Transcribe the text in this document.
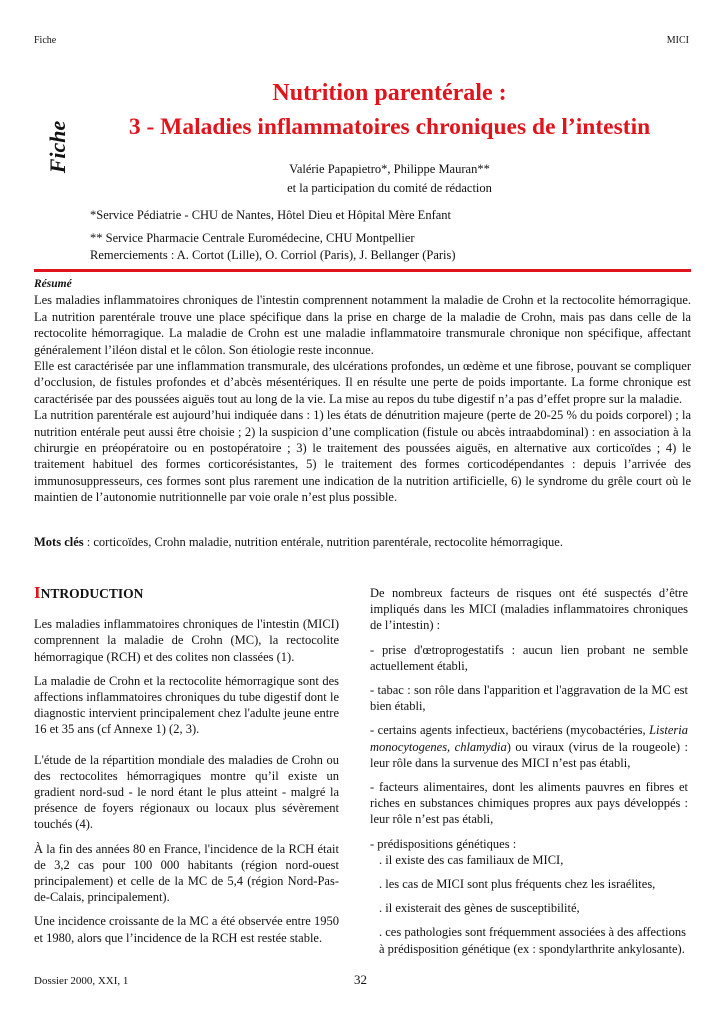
Fiche	MICI
Fiche
Nutrition parentérale :
3 - Maladies inflammatoires chroniques de l’intestin
Valérie Papapietro*, Philippe Mauran**
et la participation du comité de rédaction
*Service Pédiatrie - CHU de Nantes, Hôtel Dieu et Hôpital Mère Enfant
** Service Pharmacie Centrale Euromédecine, CHU Montpellier
Remerciements : A. Cortot (Lille), O. Corriol (Paris), J. Bellanger (Paris)
Résumé

Les maladies inflammatoires chroniques de l'intestin comprennent notamment la maladie de Crohn et la rectocolite hémorragique. La nutrition parentérale trouve une place spécifique dans la prise en charge de la maladie de Crohn, mais pas dans celle de la rectocolite hémorragique. La maladie de Crohn est une maladie inflammatoire transmurale chronique non spécifique, affectant généralement l’iléon distal et le côlon. Son étiologie reste inconnue.

Elle est caractérisée par une inflammation transmurale, des ulcérations profondes, un œdème et une fibrose, pouvant se compliquer d’occlusion, de fistules profondes et d’abcès mésentériques. Il en résulte une perte de poids importante. La forme chronique est caractérisée par des poussées aiguës tout au long de la vie. La mise au repos du tube digestif n’a pas d’effet propre sur la maladie.

La nutrition parentérale est aujourd’hui indiquée dans : 1) les états de dénutrition majeure (perte de 20-25 % du poids corporel) ; la nutrition entérale peut aussi être choisie ; 2) la suspicion d’une complication (fistule ou abcès intraabdominal) : en association à la chirurgie en préopératoire ou en postopératoire ; 3) le traitement des poussées aiguës, en alternative aux corticoïdes ; 4) le traitement habituel des formes corticorésistantes, 5) le traitement des formes corticodépendantes : depuis l’arrivée des immunosuppresseurs, ces formes sont plus rarement une indication de la nutrition artificielle, 6) le syndrome du grêle court où le maintien de l’autonomie nutritionnelle par voie orale n’est plus possible.

Mots clés : corticoïdes, Crohn maladie, nutrition entérale, nutrition parentérale, rectocolite hémorragique.

INTRODUCTION

Les maladies inflammatoires chroniques de l'intestin (MICI) comprennent la maladie de Crohn (MC), la rectocolite hémorragique (RCH) et des colites non classées (1).

La maladie de Crohn et la rectocolite hémorragique sont des affections inflammatoires chroniques du tube digestif dont le diagnostic intervient principalement chez l'adulte jeune entre 16 et 35 ans (cf Annexe 1) (2, 3).

L'étude de la répartition mondiale des maladies de Crohn ou des rectocolites hémorragiques montre qu’il existe un gradient nord-sud - le nord étant le plus atteint - malgré la présence de foyers régionaux ou locaux plus sévèrement touchés (4).

À la fin des années 80 en France, l'incidence de la RCH était de 3,2 cas pour 100 000 habitants (région nord-ouest principalement) et celle de la MC de 5,4 (région Nord-Pas-de-Calais, principalement).

Une incidence croissante de la MC a été observée entre 1950 et 1980, alors que l’incidence de la RCH est restée stable.

De nombreux facteurs de risques ont été suspectés d’être impliqués dans les MICI (maladies inflammatoires chroniques de l’intestin) :

- prise d'œtroprogestatifs : aucun lien probant ne semble actuellement établi,

- tabac : son rôle dans l'apparition et l'aggravation de la MC est bien établi,

- certains agents infectieux, bactériens (mycobactéries, Listeria monocytogenes, chlamydia) ou viraux (virus de la rougeole) : leur rôle dans la survenue des MICI n’est pas établi,

- facteurs alimentaires, dont les aliments pauvres en fibres et riches en substances chimiques propres aux pays développés : leur rôle n’est pas établi,

- prédispositions génétiques :

. il existe des cas familiaux de MICI,

. les cas de MICI sont plus fréquents chez les israélites,

. il existerait des gènes de susceptibilité,

. ces pathologies sont fréquemment associées à des affections à prédisposition génétique (ex : spondylarthrite ankylosante).

Dossier 2000, XXI, 1	32
